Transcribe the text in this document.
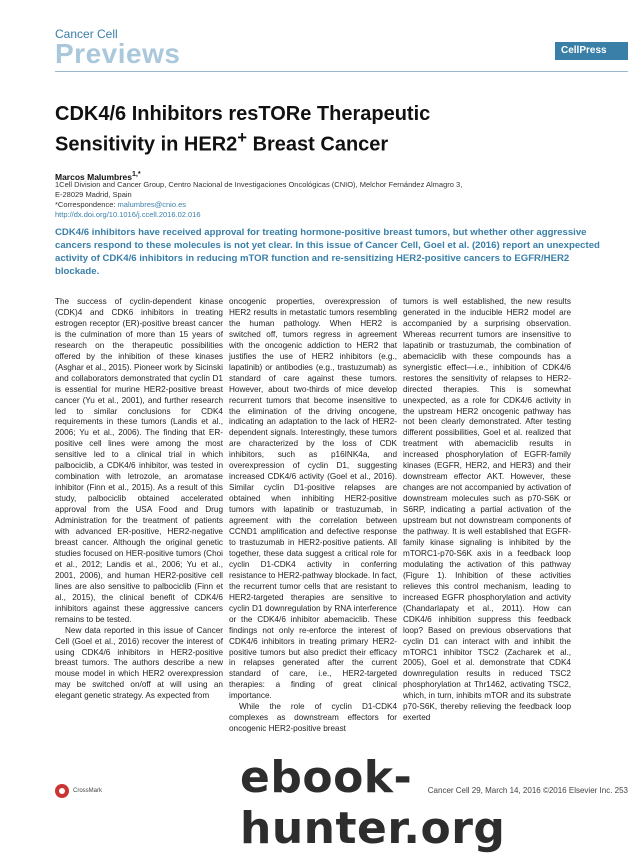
Cancer Cell
Previews	CellPress
CDK4/6 Inhibitors resTORe Therapeutic
Sensitivity in HER2+ Breast Cancer
Marcos Malumbres$^{1,*}$
1Cell Division and Cancer Group, Centro Nacional de Investigaciones Oncológicas (CNIO), Melchor Fernández Almagro 3,
E-28029 Madrid, Spain
*Correspondence: malumbres@cnio.es
http://dx.doi.org/10.1016/j.ccell.2016.02.016
CDK4/6 inhibitors have received approval for treating hormone-positive breast tumors, but whether other aggressive cancers respond to these molecules is not yet clear. In this issue of Cancer Cell, Goel et al. (2016) report an unexpected activity of CDK4/6 inhibitors in reducing mTOR function and re-sensitizing HER2-positive cancers to EGFR/HER2 blockade.

The success of cyclin-dependent kinase (CDK)4 and CDK6 inhibitors in treating estrogen receptor (ER)-positive breast cancer is the culmination of more than 15 years of research on the therapeutic possibilities offered by the inhibition of these kinases (Asghar et al., 2015). Pioneer work by Sicinski and collaborators demonstrated that cyclin D1 is essential for murine HER2-positive breast cancer (Yu et al., 2001), and further research led to similar conclusions for CDK4 requirements in these tumors (Landis et al., 2006; Yu et al., 2006). The finding that ER-positive cell lines were among the most sensitive led to a clinical trial in which palbociclib, a CDK4/6 inhibitor, was tested in combination with letrozole, an aromatase inhibitor (Finn et al., 2015). As a result of this study, palbociclib obtained accelerated approval from the USA Food and Drug Administration for the treatment of patients with advanced ER-positive, HER2-negative breast cancer. Although the original genetic studies focused on HER-positive tumors (Choi et al., 2012; Landis et al., 2006; Yu et al., 2001, 2006), and human HER2-positive cell lines are also sensitive to palbociclib (Finn et al., 2015), the clinical benefit of CDK4/6 inhibitors against these aggressive cancers remains to be tested.

New data reported in this issue of Cancer Cell (Goel et al., 2016) recover the interest of using CDK4/6 inhibitors in HER2-positive breast tumors. The authors describe a new mouse model in which HER2 overexpression may be switched on/off at will using an elegant genetic strategy. As expected from

oncogenic properties, overexpression of HER2 results in metastatic tumors resembling the human pathology. When HER2 is switched off, tumors regress in agreement with the oncogenic addiction to HER2 that justifies the use of HER2 inhibitors (e.g., lapatinib) or antibodies (e.g., trastuzumab) as standard of care against these tumors. However, about two-thirds of mice develop recurrent tumors that become insensitive to the elimination of the driving oncogene, indicating an adaptation to the lack of HER2-dependent signals. Interestingly, these tumors are characterized by the loss of CDK inhibitors, such as p16INK4a, and overexpression of cyclin D1, suggesting increased CDK4/6 activity (Goel et al., 2016). Similar cyclin D1-positive relapses are obtained when inhibiting HER2-positive tumors with lapatinib or trastuzumab, in agreement with the correlation between CCND1 amplification and defective response to trastuzumab in HER2-positive patients. All together, these data suggest a critical role for cyclin D1-CDK4 activity in conferring resistance to HER2-pathway blockade. In fact, the recurrent tumor cells that are resistant to HER2-targeted therapies are sensitive to cyclin D1 downregulation by RNA interference or the CDK4/6 inhibitor abemaciclib. These findings not only re-enforce the interest of CDK4/6 inhibitors in treating primary HER2-positive tumors but also predict their efficacy in relapses generated after the current standard of care, i.e., HER2-targeted therapies: a finding of great clinical importance.

While the role of cyclin D1-CDK4 complexes as downstream effectors for oncogenic HER2-positive breast

tumors is well established, the new results generated in the inducible HER2 model are accompanied by a surprising observation. Whereas recurrent tumors are insensitive to lapatinib or trastuzumab, the combination of abemaciclib with these compounds has a synergistic effect—i.e., inhibition of CDK4/6 restores the sensitivity of relapses to HER2-directed therapies. This is somewhat unexpected, as a role for CDK4/6 activity in the upstream HER2 oncogenic pathway has not been clearly demonstrated. After testing different possibilities, Goel et al. realized that treatment with abemaciclib results in increased phosphorylation of EGFR-family kinases (EGFR, HER2, and HER3) and their downstream effector AKT. However, these changes are not accompanied by activation of downstream molecules such as p70-S6K or S6RP, indicating a partial activation of the upstream but not downstream components of the pathway. It is well established that EGFR-family kinase signaling is inhibited by the mTORC1-p70-S6K axis in a feedback loop modulating the activation of this pathway (Figure 1). Inhibition of these activities relieves this control mechanism, leading to increased EGFR phosphorylation and activity (Chandarlapaty et al., 2011). How can CDK4/6 inhibition suppress this feedback loop? Based on previous observations that cyclin D1 can interact with and inhibit the mTORC1 inhibitor TSC2 (Zacharek et al., 2005), Goel et al. demonstrate that CDK4 downregulation results in reduced TSC2 phosphorylation at Thr1462, activating TSC2, which, in turn, inhibits mTOR and its substrate p70-S6K, thereby relieving the feedback loop exerted

CrossMark	Cancer Cell 29, March 14, 2016 ©2016 Elsevier Inc. 253
ebook-hunter.org
